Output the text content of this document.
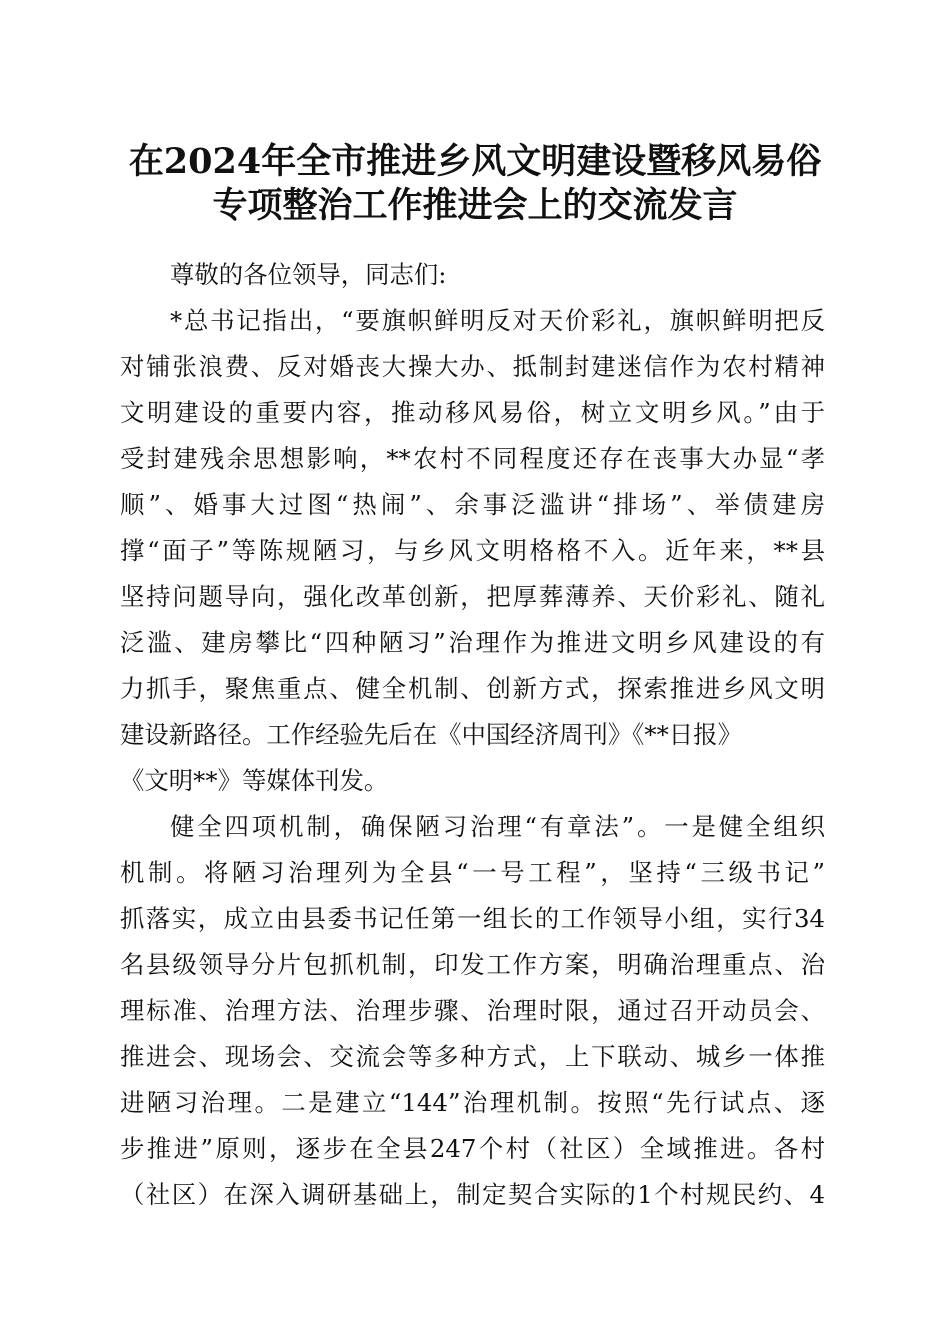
在2024年全市推进乡风文明建设暨移风易俗
专项整治工作推进会上的交流发言
尊敬的各位领导，同志们:
*总书记指出，“要旗帜鲜明反对天价彩礼，旗帜鲜明把反
对铺张浪费、反对婚丧大操大办、抵制封建迷信作为农村精神
文明建设的重要内容，推动移风易俗，树立文明乡风。”由于
受封建残余思想影响，**农村不同程度还存在丧事大办显“孝
顺”、婚事大过图“热闹”、余事泛滥讲“排场”、举债建房
撑“面子”等陈规陋习，与乡风文明格格不入。近年来，**县
坚持问题导向，强化改革创新，把厚葬薄养、天价彩礼、随礼
泛滥、建房攀比“四种陋习”治理作为推进文明乡风建设的有
力抓手，聚焦重点、健全机制、创新方式，探索推进乡风文明
建设新路径。工作经验先后在《中国经济周刊》《**日报》
《文明**》等媒体刊发。
健全四项机制，确保陋习治理“有章法”。一是健全组织
机制。将陋习治理列为全县“一号工程”，坚持“三级书记”
抓落实，成立由县委书记任第一组长的工作领导小组，实行34
名县级领导分片包抓机制，印发工作方案，明确治理重点、治
理标准、治理方法、治理步骤、治理时限，通过召开动员会、
推进会、现场会、交流会等多种方式，上下联动、城乡一体推
进陋习治理。二是建立“144”治理机制。按照“先行试点、逐
步推进”原则，逐步在全县247个村（社区）全域推进。各村
（社区）在深入调研基础上，制定契合实际的1个村规民约、4
